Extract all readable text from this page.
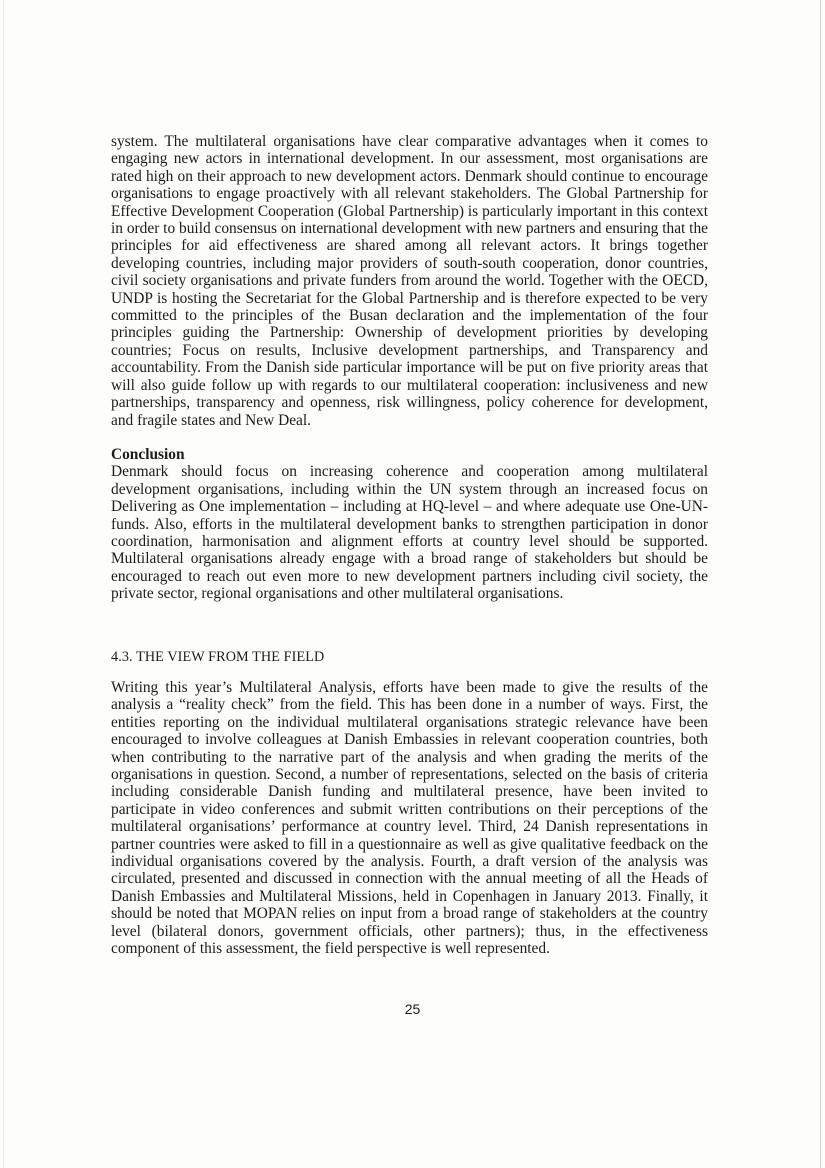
system. The multilateral organisations have clear comparative advantages when it comes to engaging new actors in international development. In our assessment, most organisations are rated high on their approach to new development actors. Denmark should continue to encourage organisations to engage proactively with all relevant stakeholders. The Global Partnership for Effective Development Cooperation (Global Partnership) is particularly important in this context in order to build consensus on international development with new partners and ensuring that the principles for aid effectiveness are shared among all relevant actors. It brings together developing countries, including major providers of south-south cooperation, donor countries, civil society organisations and private funders from around the world. Together with the OECD, UNDP is hosting the Secretariat for the Global Partnership and is therefore expected to be very committed to the principles of the Busan declaration and the implementation of the four principles guiding the Partnership: Ownership of development priorities by developing countries; Focus on results, Inclusive development partnerships, and Transparency and accountability. From the Danish side particular importance will be put on five priority areas that will also guide follow up with regards to our multilateral cooperation: inclusiveness and new partnerships, transparency and openness, risk willingness, policy coherence for development, and fragile states and New Deal.

Conclusion

Denmark should focus on increasing coherence and cooperation among multilateral development organisations, including within the UN system through an increased focus on Delivering as One implementation – including at HQ-level – and where adequate use One-UN-funds. Also, efforts in the multilateral development banks to strengthen participation in donor coordination, harmonisation and alignment efforts at country level should be supported. Multilateral organisations already engage with a broad range of stakeholders but should be encouraged to reach out even more to new development partners including civil society, the private sector, regional organisations and other multilateral organisations.

4.3. THE VIEW FROM THE FIELD

Writing this year’s Multilateral Analysis, efforts have been made to give the results of the analysis a “reality check” from the field. This has been done in a number of ways. First, the entities reporting on the individual multilateral organisations strategic relevance have been encouraged to involve colleagues at Danish Embassies in relevant cooperation countries, both when contributing to the narrative part of the analysis and when grading the merits of the organisations in question. Second, a number of representations, selected on the basis of criteria including considerable Danish funding and multilateral presence, have been invited to participate in video conferences and submit written contributions on their perceptions of the multilateral organisations’ performance at country level. Third, 24 Danish representations in partner countries were asked to fill in a questionnaire as well as give qualitative feedback on the individual organisations covered by the analysis. Fourth, a draft version of the analysis was circulated, presented and discussed in connection with the annual meeting of all the Heads of Danish Embassies and Multilateral Missions, held in Copenhagen in January 2013. Finally, it should be noted that MOPAN relies on input from a broad range of stakeholders at the country level (bilateral donors, government officials, other partners); thus, in the effectiveness component of this assessment, the field perspective is well represented.

25
